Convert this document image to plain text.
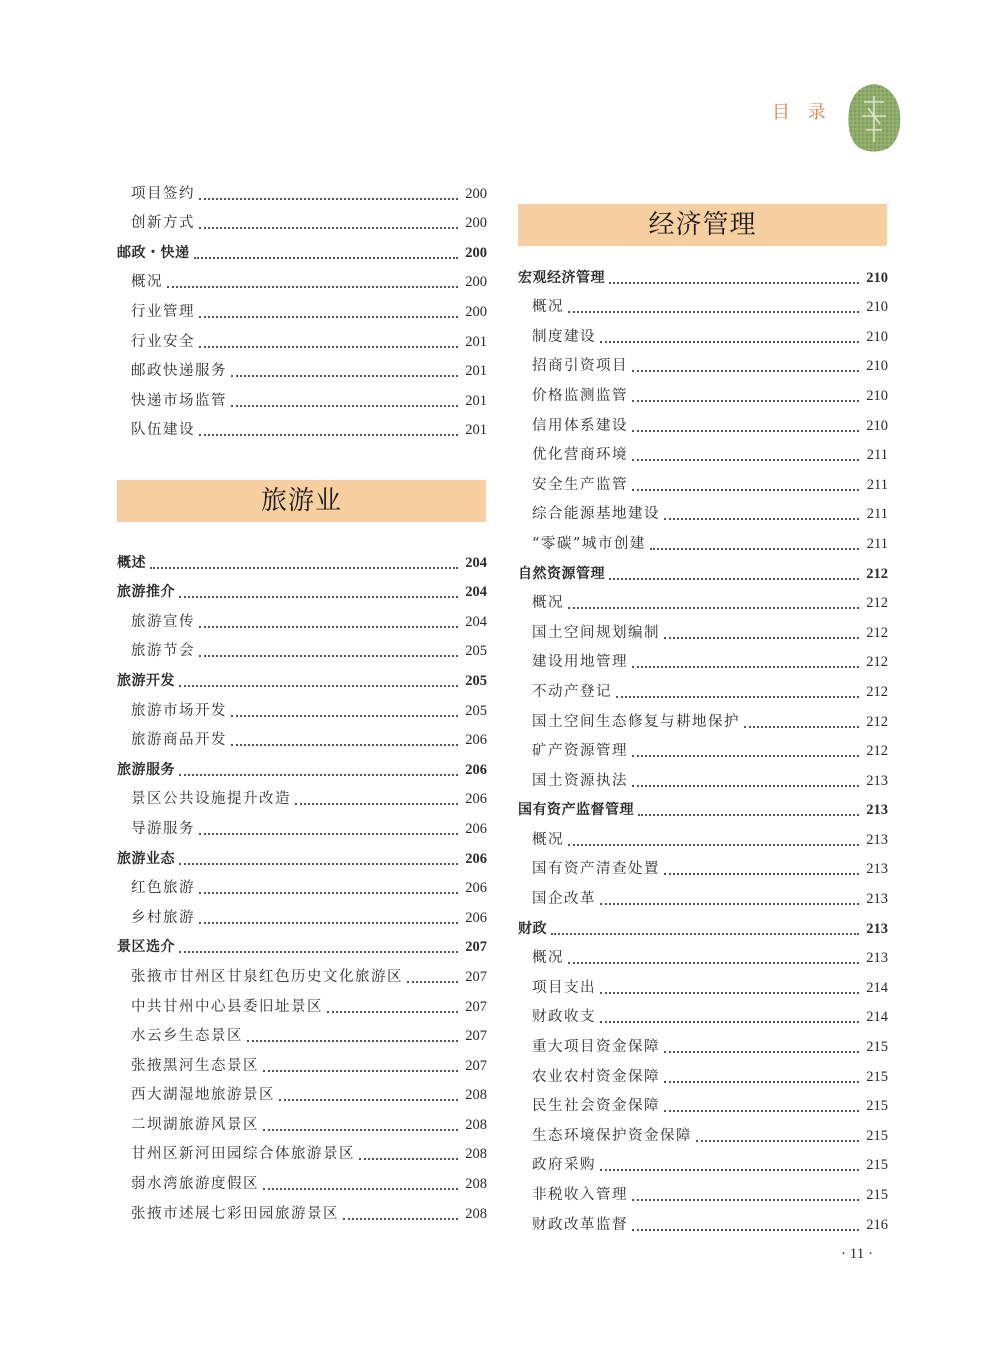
目 录
项目签约	200
创新方式	200
邮政・快递	200
概况	200
行业管理	200
行业安全	201
邮政快递服务	201
快递市场监管	201
队伍建设	201
旅游业
概述	204
旅游推介	204
旅游宣传	204
旅游节会	205
旅游开发	205
旅游市场开发	205
旅游商品开发	206
旅游服务	206
景区公共设施提升改造	206
导游服务	206
旅游业态	206
红色旅游	206
乡村旅游	206
景区选介	207
张掖市甘州区甘泉红色历史文化旅游区	207
中共甘州中心县委旧址景区	207
水云乡生态景区	207
张掖黑河生态景区	207
西大湖湿地旅游景区	208
二坝湖旅游风景区	208
甘州区新河田园综合体旅游景区	208
弱水湾旅游度假区	208
张掖市述展七彩田园旅游景区	208
经济管理
宏观经济管理	210
概况	210
制度建设	210
招商引资项目	210
价格监测监管	210
信用体系建设	210
优化营商环境	211
安全生产监管	211
综合能源基地建设	211
“零碳”城市创建	211
自然资源管理	212
概况	212
国土空间规划编制	212
建设用地管理	212
不动产登记	212
国土空间生态修复与耕地保护	212
矿产资源管理	212
国土资源执法	213
国有资产监督管理	213
概况	213
国有资产清查处置	213
国企改革	213
财政	213
概况	213
项目支出	214
财政收支	214
重大项目资金保障	215
农业农村资金保障	215
民生社会资金保障	215
生态环境保护资金保障	215
政府采购	215
非税收入管理	215
财政改革监督	216
· 11 ·
